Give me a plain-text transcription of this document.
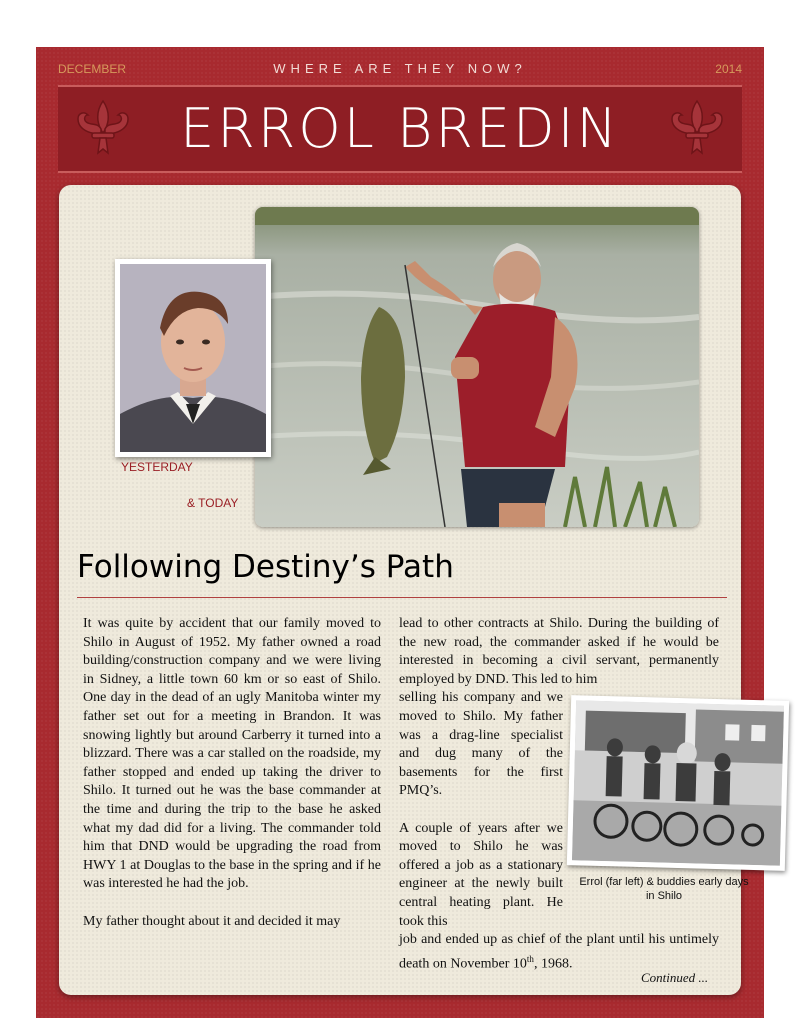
DECEMBER	WHERE ARE THEY NOW?	2014
ERROL BREDIN
YESTERDAY
& TODAY
Following Destiny’s Path

It was quite by accident that our family moved to Shilo in August of 1952. My father owned a road building/construction company and we were living in Sidney, a little town 60 km or so east of Shilo. One day in the dead of an ugly Manitoba winter my father set out for a meeting in Brandon. It was snowing lightly but around Carberry it turned into a blizzard. There was a car stalled on the roadside, my father stopped and ended up taking the driver to Shilo. It turned out he was the base commander at the time and during the trip to the base he asked what my dad did for a living. The commander told him that DND would be upgrading the road from HWY 1 at Douglas to the base in the spring and if he was interested he had the job.

My father thought about it and decided it may

lead to other contracts at Shilo. During the building of the new road, the commander asked if he would be interested in becoming a civil servant, permanently employed by DND. This led to him
selling his company and we moved to Shilo. My father was a drag-line specialist and dug many of the basements for the first PMQ’s.
A couple of years after we moved to Shilo he was offered a job as a stationary engineer at the newly built central heating plant. He took this
job and ended up as chief of the plant until his untimely death on November 10th, 1968.
Errol (far left) & buddies early days in Shilo
Continued ...
